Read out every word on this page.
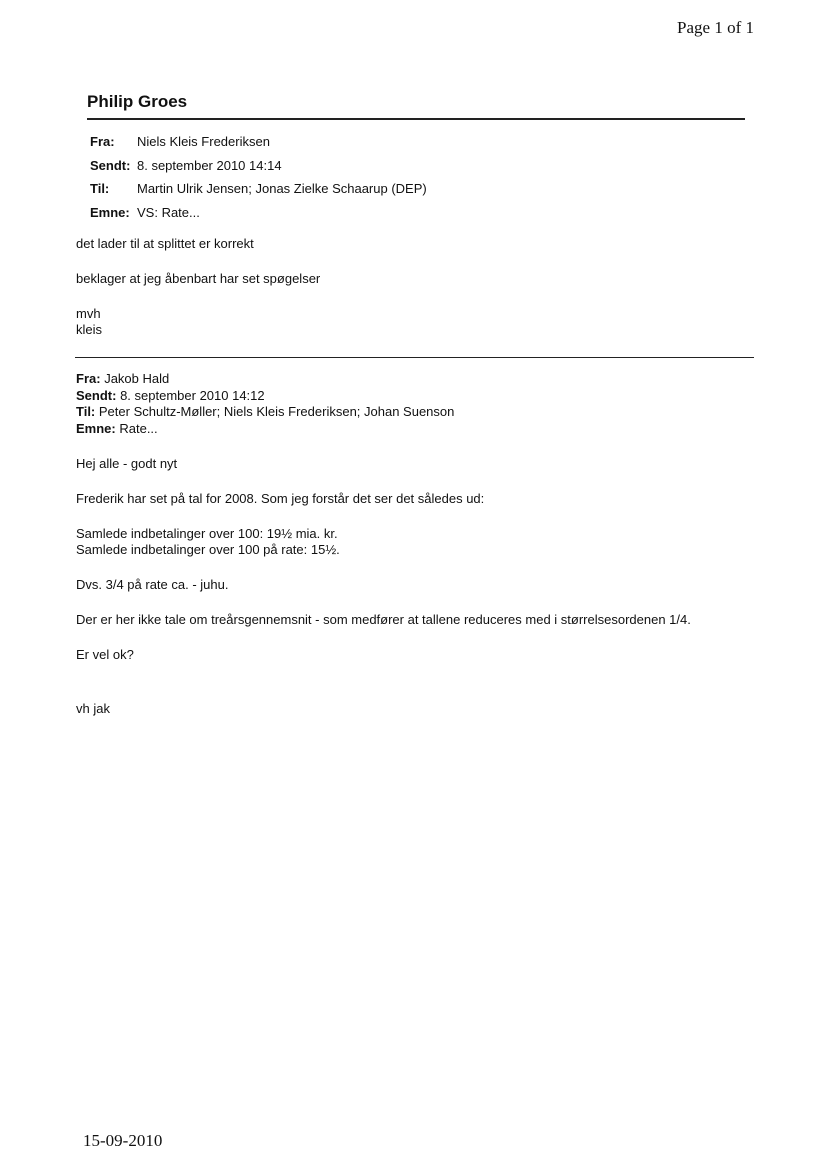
Page 1 of 1
Philip Groes
Fra:	Niels Kleis Frederiksen
Sendt: 8. september 2010 14:14
Til:	Martin Ulrik Jensen; Jonas Zielke Schaarup (DEP)
Emne: VS: Rate...

det lader til at splittet er korrekt

beklager at jeg åbenbart har set spøgelser

mvh
kleis

Fra: Jakob Hald
Sendt: 8. september 2010 14:12
Til: Peter Schultz-Møller; Niels Kleis Frederiksen; Johan Suenson
Emne: Rate...

Hej alle - godt nyt

Frederik har set på tal for 2008. Som jeg forstår det ser det således ud:

Samlede indbetalinger over 100: 19½ mia. kr.
Samlede indbetalinger over 100 på rate: 15½.

Dvs. 3/4 på rate ca. - juhu.

Der er her ikke tale om treårsgennemsnit - som medfører at tallene reduceres med i størrelsesordenen 1/4.

Er vel ok?

vh jak

15-09-2010
